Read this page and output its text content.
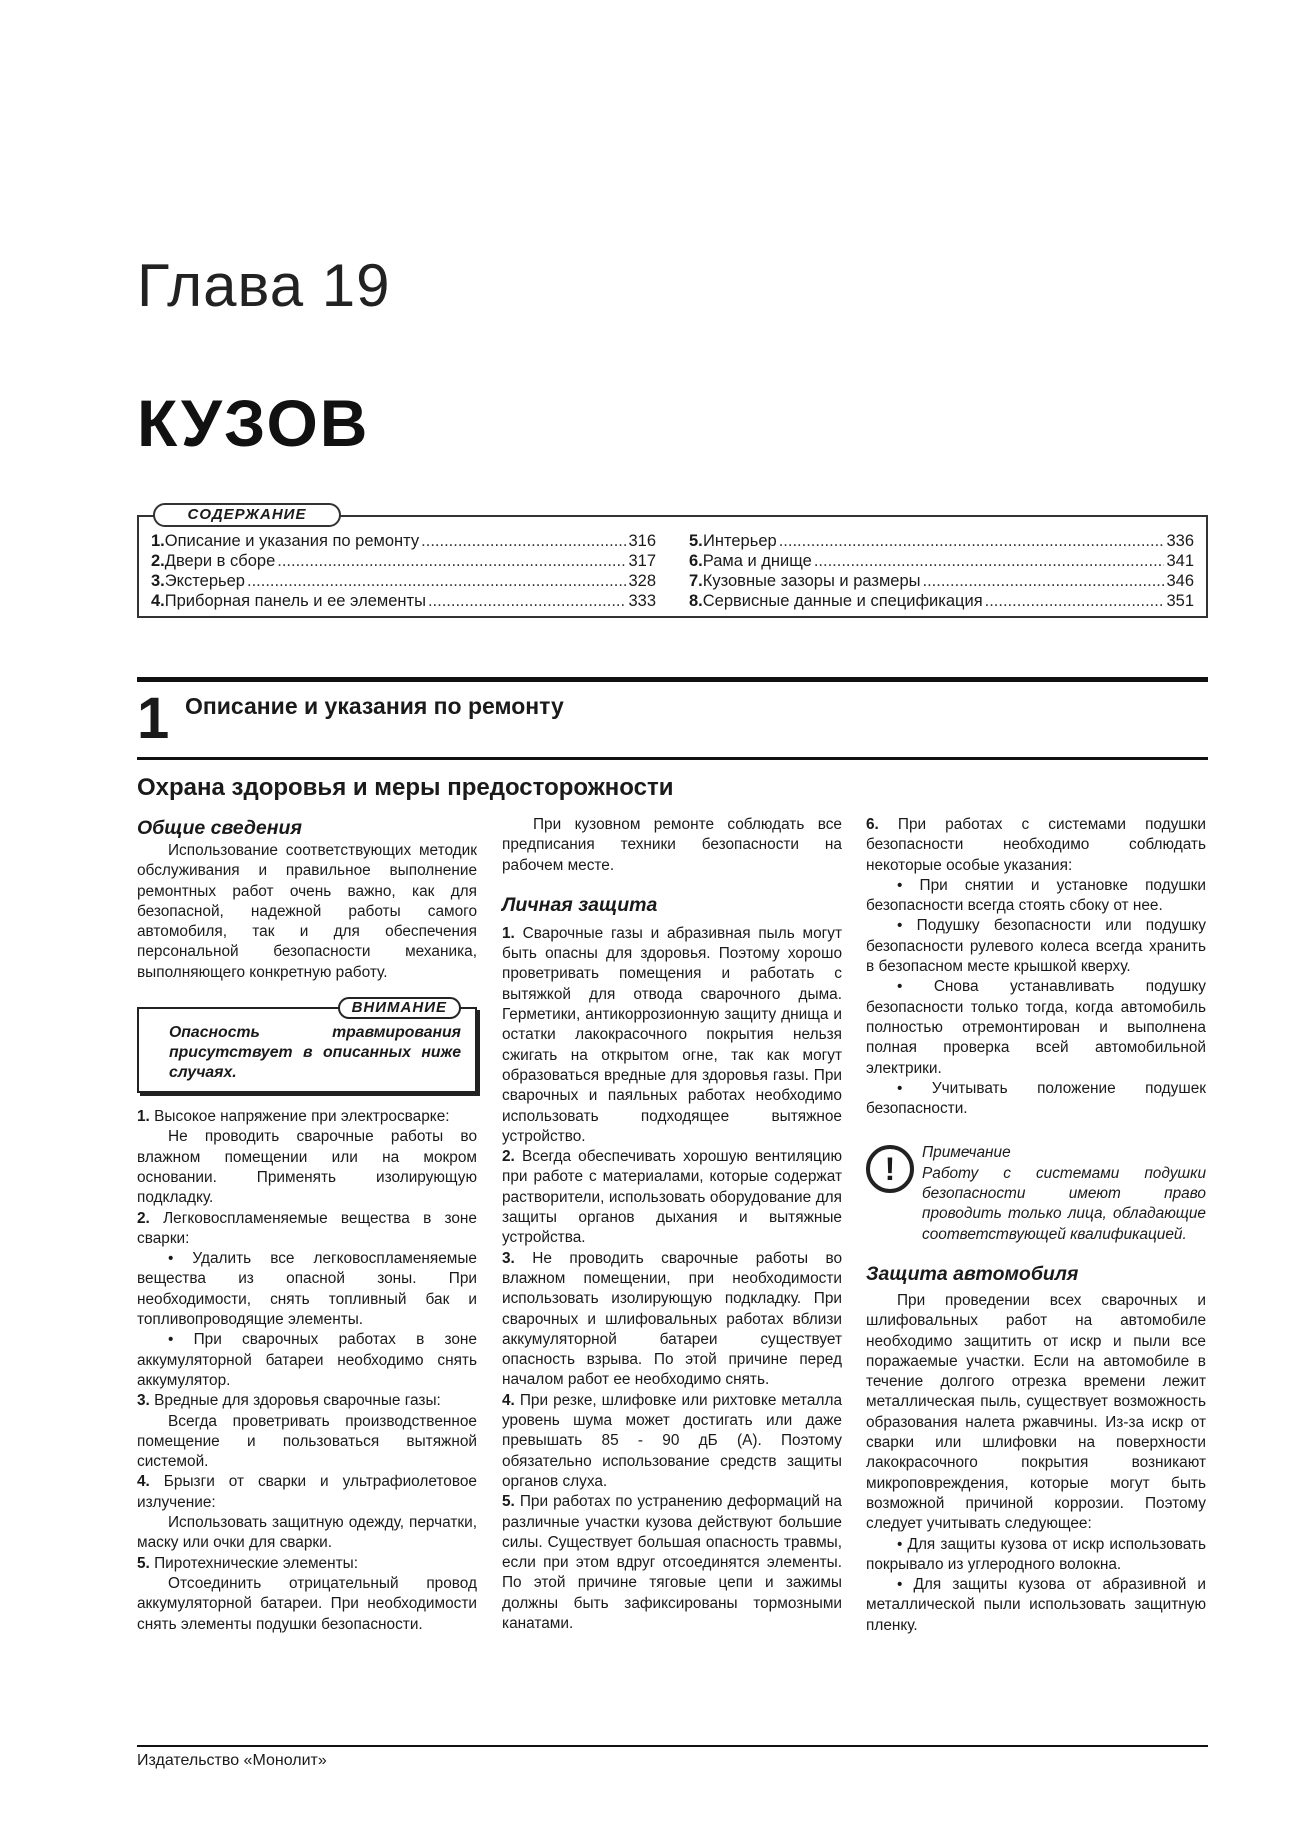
Глава 19
КУЗОВ
СОДЕРЖАНИЕ
1. Описание и указания по ремонту .....	316
2. Двери в сборе .....	317
3. Экстерьер .....	328
4. Приборная панель и ее элементы .....	333
5. Интерьер .....	336
6. Рама и днище .....	341
7. Кузовные зазоры и размеры .....	346
8. Сервисные данные и спецификация .....	351
1 Описание и указания по ремонту
Охрана здоровья и меры предосторожности
Общие сведения

Использование соответствующих методик обслуживания и правильное выполнение ремонтных работ очень важно, как для безопасной, надежной работы самого автомобиля, так и для обеспечения персональной безопасности механика, выполняющего конкретную работу.

ВНИМАНИЕ
Опасность травмирования присутствует в описанных ниже случаях.

1. Высокое напряжение при электросварке:

Не проводить сварочные работы во влажном помещении или на мокром основании. Применять изолирующую подкладку.

2. Легковоспламеняемые вещества в зоне сварки:

• Удалить все легковоспламеняемые вещества из опасной зоны. При необходимости, снять топливный бак и топливопроводящие элементы.

• При сварочных работах в зоне аккумуляторной батареи необходимо снять аккумулятор.

3. Вредные для здоровья сварочные газы:

Всегда проветривать производственное помещение и пользоваться вытяжной системой.

4. Брызги от сварки и ультрафиолетовое излучение:

Использовать защитную одежду, перчатки, маску или очки для сварки.

5. Пиротехнические элементы:

Отсоединить отрицательный провод аккумуляторной батареи. При необходимости снять элементы подушки безопасности.

При кузовном ремонте соблюдать все предписания техники безопасности на рабочем месте.

Личная защита

1. Сварочные газы и абразивная пыль могут быть опасны для здоровья. Поэтому хорошо проветривать помещения и работать с вытяжкой для отвода сварочного дыма. Герметики, антикоррозионную защиту днища и остатки лакокрасочного покрытия нельзя сжигать на открытом огне, так как могут образоваться вредные для здоровья газы. При сварочных и паяльных работах необходимо использовать подходящее вытяжное устройство.

2. Всегда обеспечивать хорошую вентиляцию при работе с материалами, которые содержат растворители, использовать оборудование для защиты органов дыхания и вытяжные устройства.

3. Не проводить сварочные работы во влажном помещении, при необходимости использовать изолирующую подкладку. При сварочных и шлифовальных работах вблизи аккумуляторной батареи существует опасность взрыва. По этой причине перед началом работ ее необходимо снять.

4. При резке, шлифовке или рихтовке металла уровень шума может достигать или даже превышать 85 - 90 дБ (А). Поэтому обязательно использование средств защиты органов слуха.

5. При работах по устранению деформаций на различные участки кузова действуют большие силы. Существует большая опасность травмы, если при этом вдруг отсоединятся элементы. По этой причине тяговые цепи и зажимы должны быть зафиксированы тормозными канатами.

6. При работах с системами подушки безопасности необходимо соблюдать некоторые особые указания:

• При снятии и установке подушки безопасности всегда стоять сбоку от нее.

• Подушку безопасности или подушку безопасности рулевого колеса всегда хранить в безопасном месте крышкой кверху.

• Снова устанавливать подушку безопасности только тогда, когда автомобиль полностью отремонтирован и выполнена полная проверка всей автомобильной электрики.

• Учитывать положение подушек безопасности.

!	Примечание
Работу с системами подушки безопасности имеют право проводить только лица, обладающие соответствующей квалификацией.
Защита автомобиля

При проведении всех сварочных и шлифовальных работ на автомобиле необходимо защитить от искр и пыли все поражаемые участки. Если на автомобиле в течение долгого отрезка времени лежит металлическая пыль, существует возможность образования налета ржавчины. Из-за искр от сварки или шлифовки на поверхности лакокрасочного покрытия возникают микроповреждения, которые могут быть возможной причиной коррозии. Поэтому следует учитывать следующее:

• Для защиты кузова от искр использовать покрывало из углеродного волокна.

• Для защиты кузова от абразивной и металлической пыли использовать защитную пленку.

Издательство «Монолит»
